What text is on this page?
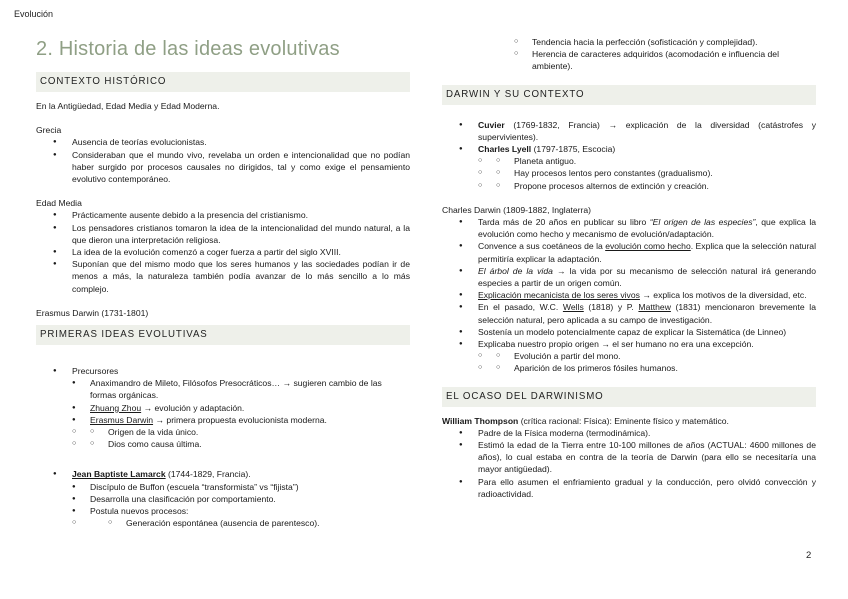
Evolución
2. Historia de las ideas evolutivas
CONTEXTO HISTÓRICO

En la Antigüedad, Edad Media y Edad Moderna.

Grecia

● Ausencia de teorías evolucionistas.
● Consideraban que el mundo vivo, revelaba un orden e intencionalidad que no podían haber surgido por procesos causales no dirigidos, tal y como exige el pensamiento evolutivo contemporáneo.

Edad Media

● Prácticamente ausente debido a la presencia del cristianismo.
● Los pensadores cristianos tomaron la idea de la intencionalidad del mundo natural, a la que dieron una interpretación religiosa.
● La idea de la evolución comenzó a coger fuerza a partir del siglo XVIII.
● Suponían que del mismo modo que los seres humanos y las sociedades podían ir de menos a más, la naturaleza también podía avanzar de lo más sencillo a lo más complejo.

Erasmus Darwin (1731-1801)

PRIMERAS IDEAS EVOLUTIVAS
● Precursores
● Anaximandro de Mileto, Filósofos Presocráticos… → sugieren cambio de las formas orgánicas.
● Zhuang Zhou → evolución y adaptación.
● Erasmus Darwin → primera propuesta evolucionista moderna.
○ ○ Origen de la vida único.
○ ○ Dios como causa última.
● Jean Baptiste Lamarck (1744-1829, Francia).
● Discípulo de Buffon (escuela “transformista” vs “fijista”)
● Desarrolla una clasificación por comportamiento.
● Postula nuevos procesos:
○ ○ Generación espontánea (ausencia de parentesco).
○ Tendencia hacia la perfección (sofisticación y complejidad).
○ Herencia de caracteres adquiridos (acomodación e influencia del ambiente).
DARWIN Y SU CONTEXTO
● Cuvier (1769-1832, Francia) → explicación de la diversidad (catástrofes y supervivientes).
● Charles Lyell (1797-1875, Escocia)
○ ○ Planeta antiguo.
○ ○ Hay procesos lentos pero constantes (gradualismo).
○ ○ Propone procesos alternos de extinción y creación.

Charles Darwin (1809-1882, Inglaterra)

● Tarda más de 20 años en publicar su libro “El origen de las especies”, que explica la evolución como hecho y mecanismo de evolución/adaptación.
● Convence a sus coetáneos de la evolución como hecho. Explica que la selección natural permitiría explicar la adaptación.
● El árbol de la vida → la vida por su mecanismo de selección natural irá generando especies a partir de un origen común.
● Explicación mecanicista de los seres vivos → explica los motivos de la diversidad, etc.
● En el pasado, W.C. Wells (1818) y P. Matthew (1831) mencionaron brevemente la selección natural, pero aplicada a su campo de investigación.
● Sostenía un modelo potencialmente capaz de explicar la Sistemática (de Linneo)
● Explicaba nuestro propio origen → el ser humano no era una excepción.
○ ○ Evolución a partir del mono.
○ ○ Aparición de los primeros fósiles humanos.
EL OCASO DEL DARWINISMO

William Thompson (crítica racional: Física): Eminente físico y matemático.

● Padre de la Física moderna (termodinámica).
● Estimó la edad de la Tierra entre 10-100 millones de años (ACTUAL: 4600 millones de años), lo cual estaba en contra de la teoría de Darwin (para ello se necesitaría una mayor antigüedad).
● Para ello asumen el enfriamiento gradual y la conducción, pero olvidó convección y radioactividad.
2
